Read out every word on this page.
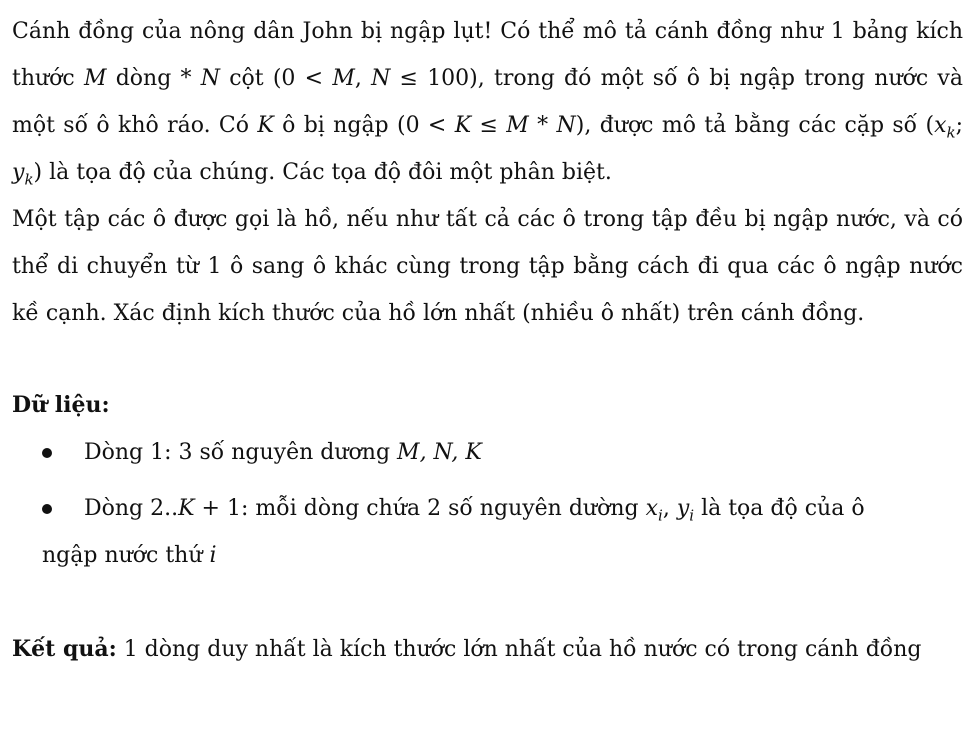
Cánh đồng của nông dân John bị ngập lụt! Có thể mô tả cánh đồng như 1 bảng kích thước M dòng * N cột (0 < M, N ≤ 100), trong đó một số ô bị ngập trong nước và một số ô khô ráo. Có K ô bị ngập (0 < K ≤ M * N), được mô tả bằng các cặp số ($x_k$; $y_k$) là tọa độ của chúng. Các tọa độ đôi một phân biệt.

Một tập các ô được gọi là hồ, nếu như tất cả các ô trong tập đều bị ngập nước, và có thể di chuyển từ 1 ô sang ô khác cùng trong tập bằng cách đi qua các ô ngập nước kề cạnh. Xác định kích thước của hồ lớn nhất (nhiều ô nhất) trên cánh đồng.

Dữ liệu:
Dòng 1: 3 số nguyên dương M, N, K
Dòng 2..K + 1: mỗi dòng chứa 2 số nguyên dường $x_i$, $y_i$ là tọa độ của ô
ngập nước thứ i

Kết quả: 1 dòng duy nhất là kích thước lớn nhất của hồ nước có trong cánh đồng
